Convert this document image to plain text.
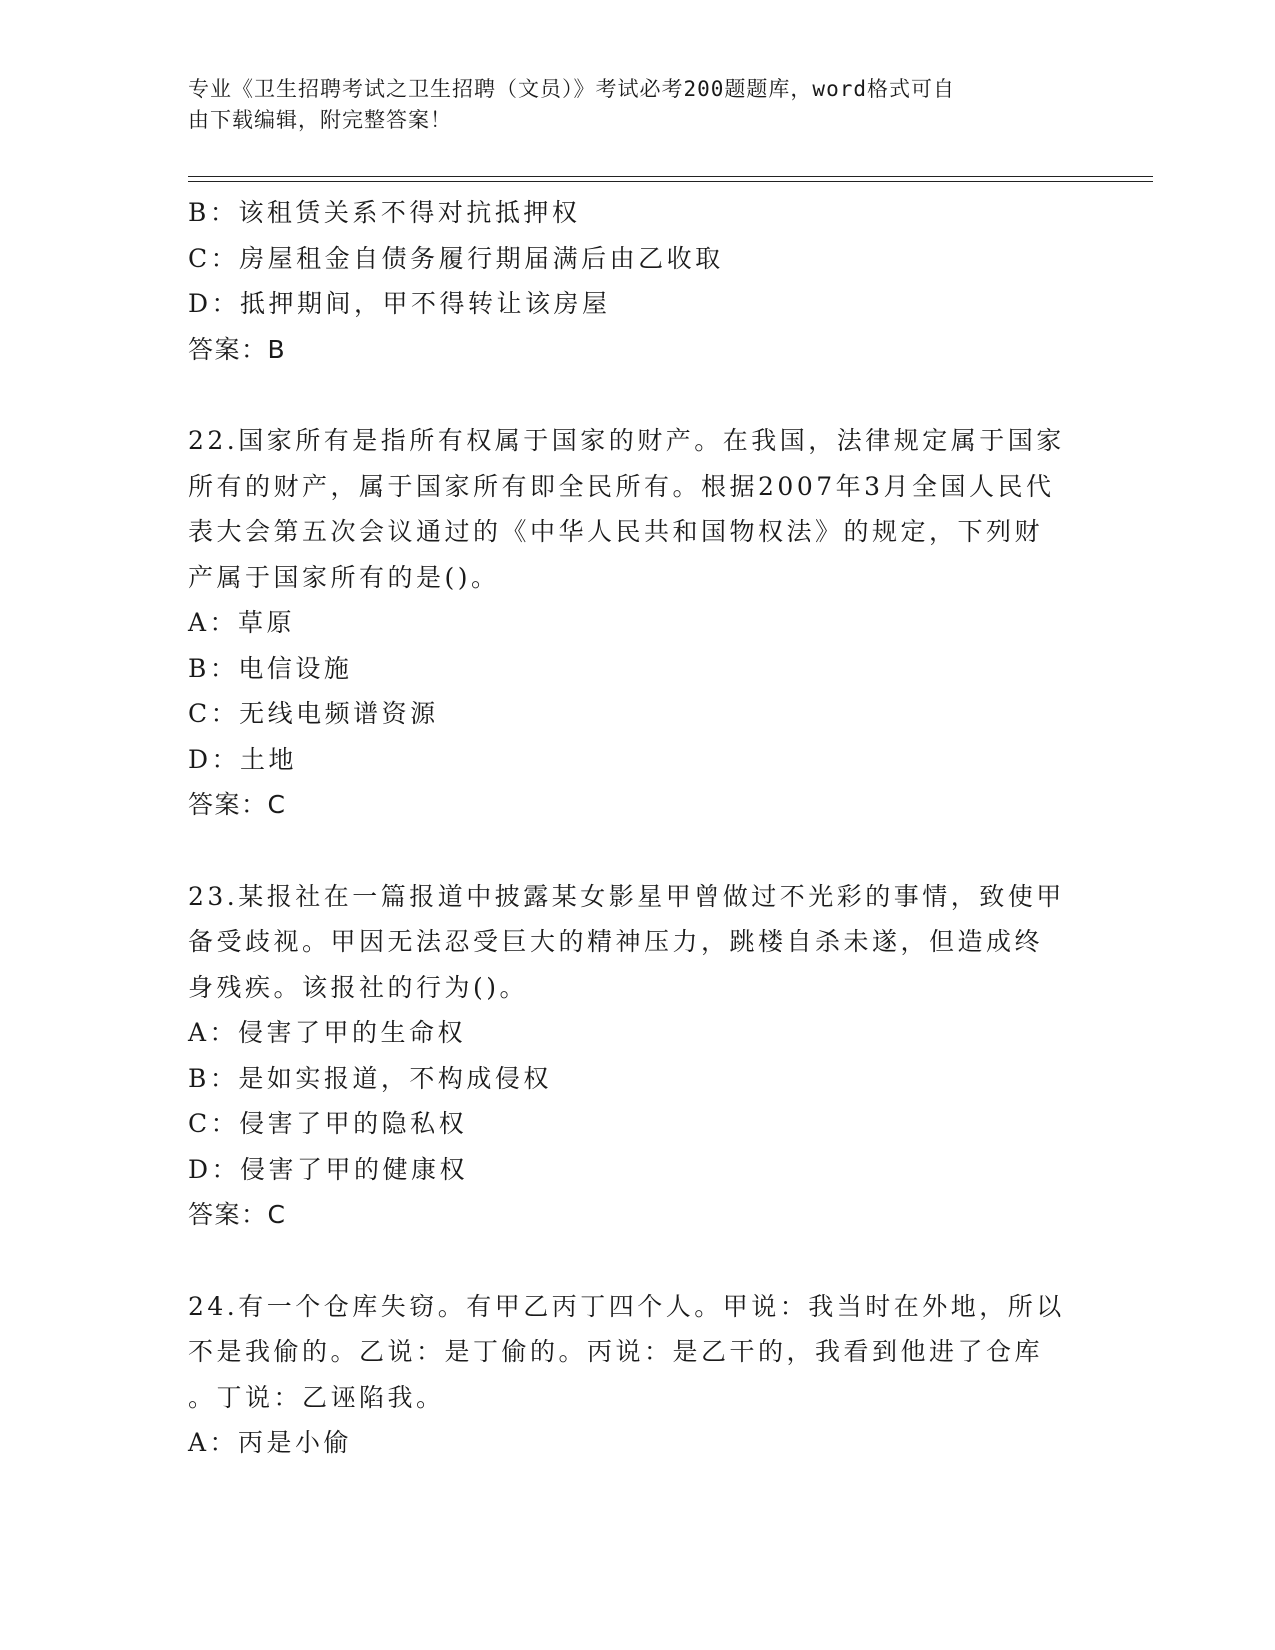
专业《卫生招聘考试之卫生招聘（文员）》考试必考200题题库，word格式可自
由下载编辑，附完整答案！
B：该租赁关系不得对抗抵押权
C：房屋租金自债务履行期届满后由乙收取
D：抵押期间，甲不得转让该房屋
答案：B
22.国家所有是指所有权属于国家的财产。在我国，法律规定属于国家
所有的财产，属于国家所有即全民所有。根据2007年3月全国人民代
表大会第五次会议通过的《中华人民共和国物权法》的规定，下列财
产属于国家所有的是()。
A：草原
B：电信设施
C：无线电频谱资源
D：土地
答案：C
23.某报社在一篇报道中披露某女影星甲曾做过不光彩的事情，致使甲
备受歧视。甲因无法忍受巨大的精神压力，跳楼自杀未遂，但造成终
身残疾。该报社的行为()。
A：侵害了甲的生命权
B：是如实报道，不构成侵权
C：侵害了甲的隐私权
D：侵害了甲的健康权
答案：C
24.有一个仓库失窃。有甲乙丙丁四个人。甲说：我当时在外地，所以
不是我偷的。乙说：是丁偷的。丙说：是乙干的，我看到他进了仓库
。丁说：乙诬陷我。
A：丙是小偷
